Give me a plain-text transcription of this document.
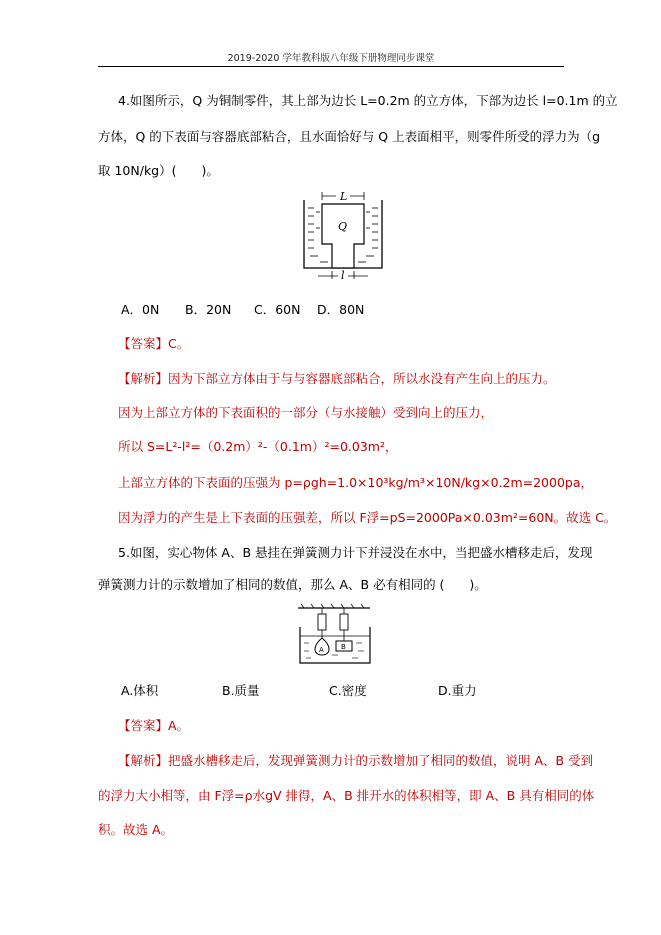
2019-2020 学年教科版八年级下册物理同步课堂
4.如图所示，Q 为铜制零件，其上部为边长 L=0.2m 的立方体，下部为边长 l=0.1m 的立
方体，Q 的下表面与容器底部粘合，且水面恰好与 Q 上表面相平，则零件所受的浮力为（g
取 10N/kg）(　　)。
L
Q
l
A．0N B．20N C．60N D．80N
【答案】C。
【解析】因为下部立方体由于与与容器底部粘合，所以水没有产生向上的压力。
因为上部立方体的下表面积的一部分（与水接触）受到向上的压力，
所以 S=L²-l²=（0.2m）²-（0.1m）²=0.03m²，
上部立方体的下表面的压强为 p=ρgh=1.0×10³kg/m³×10N/kg×0.2m=2000pa，
因为浮力的产生是上下表面的压强差，所以 F浮=pS=2000Pa×0.03m²=60N。故选 C。
5.如图，实心物体 A、B 悬挂在弹簧测力计下并浸没在水中，当把盛水槽移走后，发现
弹簧测力计的示数增加了相同的数值，那么 A、B 必有相同的 (　　)。
A B
A.体积	B.质量	C.密度	D.重力
【答案】A。
【解析】把盛水槽移走后，发现弹簧测力计的示数增加了相同的数值，说明 A、B 受到
的浮力大小相等，由 F浮=ρ水gV 排得，A、B 排开水的体积相等，即 A、B 具有相同的体
积。故选 A。
